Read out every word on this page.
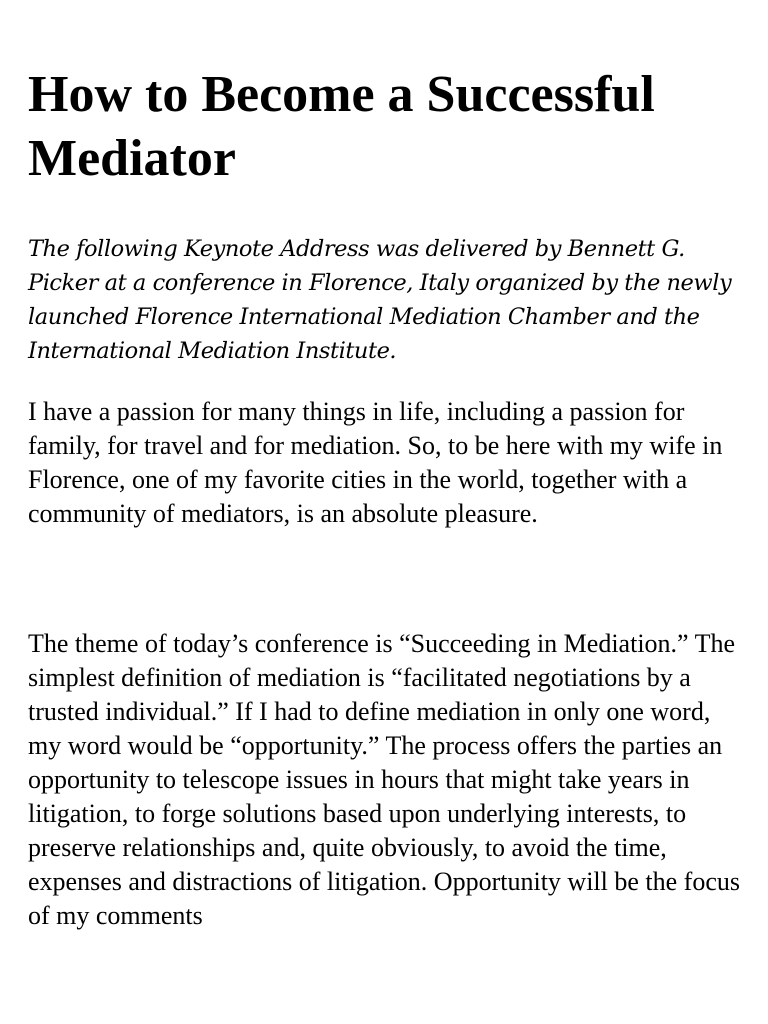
How to Become a Successful Mediator

The following Keynote Address was delivered by Bennett G. Picker at a conference in Florence, Italy organized by the newly launched Florence International Mediation Chamber and the International Mediation Institute.

I have a passion for many things in life, including a passion for family, for travel and for mediation. So, to be here with my wife in Florence, one of my favorite cities in the world, together with a community of mediators, is an absolute pleasure.

The theme of today’s conference is “Succeeding in Mediation.” The simplest definition of mediation is “facilitated negotiations by a trusted individual.” If I had to define mediation in only one word, my word would be “opportunity.” The process offers the parties an opportunity to telescope issues in hours that might take years in litigation, to forge solutions based upon underlying interests, to preserve relationships and, quite obviously, to avoid the time, expenses and distractions of litigation. Opportunity will be the focus of my comments
